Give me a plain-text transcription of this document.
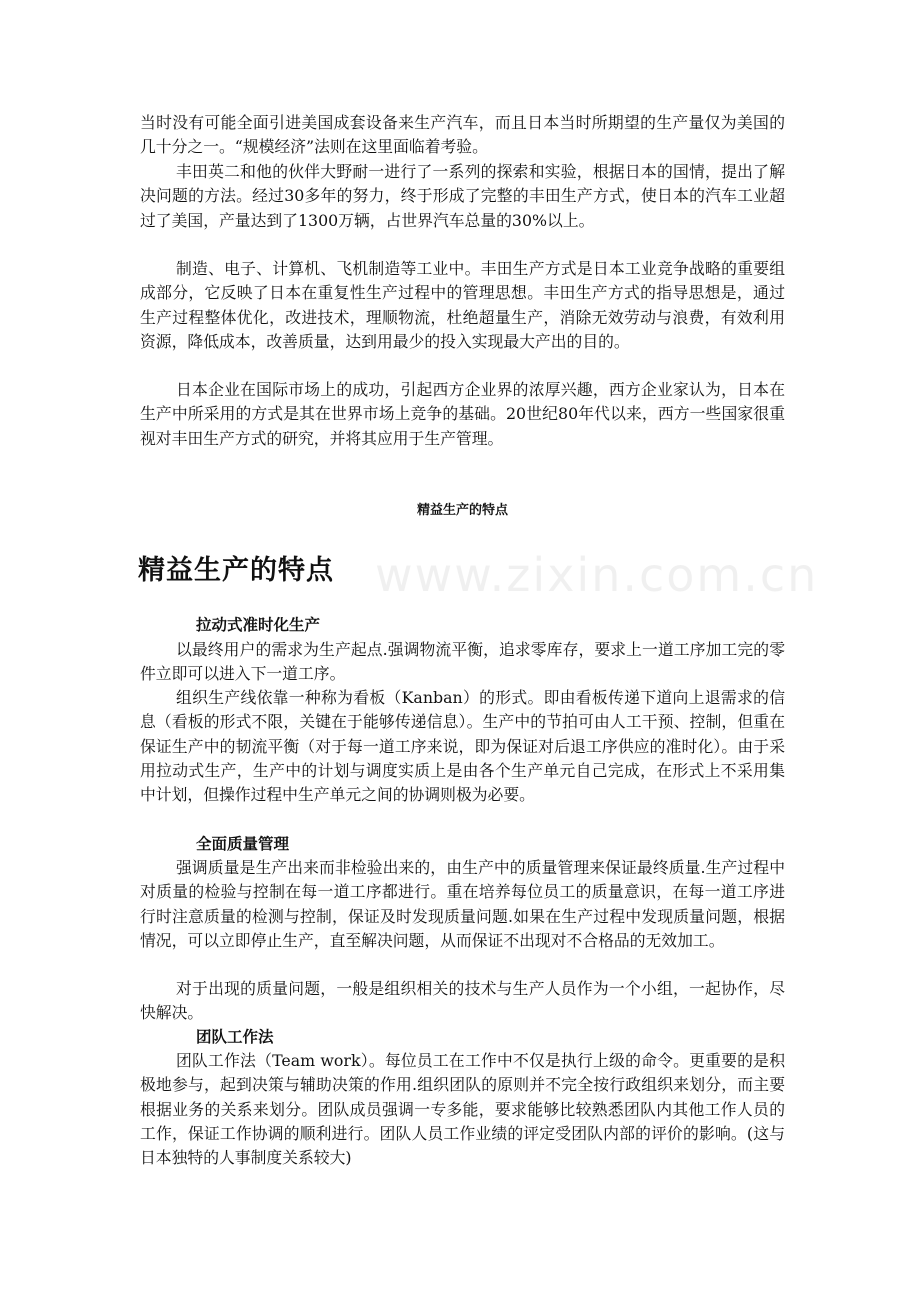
www.zixin.com.cn

当时没有可能全面引进美国成套设备来生产汽车，而且日本当时所期望的生产量仅为美国的几十分之一。“规模经济”法则在这里面临着考验。

丰田英二和他的伙伴大野耐一进行了一系列的探索和实验，根据日本的国情，提出了解决问题的方法。经过30多年的努力，终于形成了完整的丰田生产方式，使日本的汽车工业超过了美国，产量达到了1300万辆，占世界汽车总量的30%以上。

制造、电子、计算机、飞机制造等工业中。丰田生产方式是日本工业竞争战略的重要组成部分，它反映了日本在重复性生产过程中的管理思想。丰田生产方式的指导思想是，通过生产过程整体优化，改进技术，理顺物流，杜绝超量生产，消除无效劳动与浪费，有效利用资源，降低成本，改善质量，达到用最少的投入实现最大产出的目的。

日本企业在国际市场上的成功，引起西方企业界的浓厚兴趣，西方企业家认为，日本在生产中所采用的方式是其在世界市场上竞争的基础。20世纪80年代以来，西方一些国家很重视对丰田生产方式的研究，并将其应用于生产管理。

精益生产的特点
精益生产的特点
拉动式准时化生产

以最终用户的需求为生产起点.强调物流平衡，追求零库存，要求上一道工序加工完的零件立即可以进入下一道工序。

组织生产线依靠一种称为看板（Kanban）的形式。即由看板传递下道向上退需求的信息（看板的形式不限，关键在于能够传递信息）。生产中的节拍可由人工干预、控制，但重在保证生产中的韧流平衡（对于每一道工序来说，即为保证对后退工序供应的准时化）。由于采用拉动式生产，生产中的计划与调度实质上是由各个生产单元自己完成，在形式上不采用集中计划，但操作过程中生产单元之间的协调则极为必要。

全面质量管理

强调质量是生产出来而非检验出来的，由生产中的质量管理来保证最终质量.生产过程中对质量的检验与控制在每一道工序都进行。重在培养每位员工的质量意识，在每一道工序进行时注意质量的检测与控制，保证及时发现质量问题.如果在生产过程中发现质量问题，根据情况，可以立即停止生产，直至解决问题，从而保证不出现对不合格品的无效加工。

对于出现的质量问题，一般是组织相关的技术与生产人员作为一个小组，一起协作，尽快解决。

团队工作法

团队工作法（Team work）。每位员工在工作中不仅是执行上级的命令。更重要的是积极地参与，起到决策与辅助决策的作用.组织团队的原则并不完全按行政组织来划分，而主要根据业务的关系来划分。团队成员强调一专多能，要求能够比较熟悉团队内其他工作人员的工作，保证工作协调的顺利进行。团队人员工作业绩的评定受团队内部的评价的影响。(这与日本独特的人事制度关系较大)
